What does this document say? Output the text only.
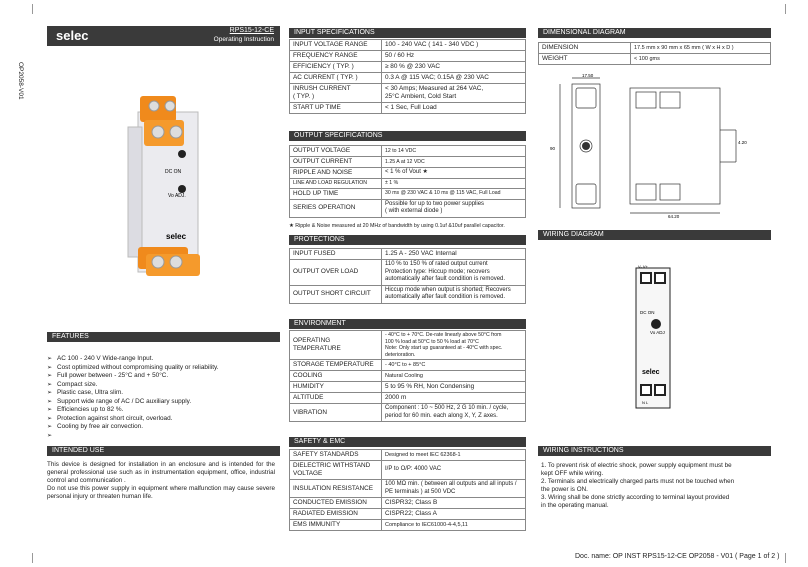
OP2058-V01
selec	RPS15-12-CE
Operating Instruction
DC ON
Vo ADJ.
selec
FEATURES
➢ AC 100 - 240 V Wide-range Input.
➢ Cost optimized without compromising quality or reliability.
➢ Full power between - 25°C and + 50°C.
➢ Compact size.
➢ Plastic case, Ultra slim.
➢ Support wide range of AC / DC auxiliary supply.
➢ Efficiencies up to 82 %.
➢ Protection against short circuit, overload.
➢ Cooling by free air convection.
➢
INTENDED USE
This device is designed for installation in an enclosure and is intended for the general professional use such as in instrumentation equipment, office, industrial control and communication .
Do not use this power supply in equipment where malfunction may cause severe personal injury or threaten human life.
INPUT SPECIFICATIONS
INPUT VOLTAGE RANGE	100 - 240 VAC ( 141 - 340 VDC )
FREQUENCY RANGE	50 / 60 Hz
EFFICIENCY ( TYP. )	≥ 80 % @ 230 VAC
AC CURRENT ( TYP. )	0.3 A @ 115 VAC; 0.15A @ 230 VAC
INRUSH CURRENT
( TYP. )	< 30 Amps; Measured at 264 VAC,
25°C Ambient, Cold Start
START UP TIME	< 1 Sec, Full Load
OUTPUT SPECIFICATIONS
OUTPUT VOLTAGE	12 to 14 VDC
OUTPUT CURRENT	1.25 A at 12 VDC
RIPPLE AND NOISE	< 1 % of Vout ★
LINE AND LOAD REGULATION	± 1 %
HOLD UP TIME	30 ms @ 230 VAC & 10 ms @ 115 VAC, Full Load
SERIES OPERATION	Possible for up to two power supplies
( with external diode )
★ Ripple & Noise measured at 20 MHz of bandwidth by using 0.1uf &10uf parallel capacitor.
PROTECTIONS
INPUT FUSED	1.25 A - 250 VAC Internal
OUTPUT OVER LOAD	110 % to 150 % of rated output current
Protection type: Hiccup mode; recovers
automatically after fault condition is removed.
OUTPUT SHORT CIRCUIT	Hiccup mode when output is shorted; Recovers
automatically after fault condition is removed.
ENVIRONMENT
OPERATING TEMPERATURE	- 40°C to + 70°C. De-rate linearly above 50°C from
100 % load at 50°C to 50 % load at 70°C
Note: Only start up guaranteed at - 40°C with spec.
deterioration.
STORAGE TEMPERATURE	- 40°C to + 85°C
COOLING	Natural Cooling
HUMIDITY	5 to 95 % RH, Non Condensing
ALTITUDE	2000 m
VIBRATION	Component : 10 ~ 500 Hz, 2 G 10 min. / cycle,
period for 60 min. each along X, Y, Z axes.
SAFETY & EMC
SAFETY STANDARDS	Designed to meet IEC 62368-1
DIELECTRIC WITHSTAND
VOLTAGE	I/P to O/P: 4000 VAC
INSULATION RESISTANCE	100 MΩ min. ( between all outputs and all inputs /
PE terminals ) at 500 VDC
CONDUCTED EMISSION	CISPR32; Class B
RADIATED EMISSION	CISPR22; Class A
EMS IMMUNITY	Compliance to IEC61000-4-4,5,11
DIMENSIONAL DIAGRAM
DIMENSION	17.5 mm x 90 mm x 65 mm ( W x H x D )
WEIGHT	< 100 gms
17.50
90
64.20
4.20
WIRING DIAGRAM
V- V+
DC ON
Vo ADJ
selec
N L
WIRING INSTRUCTIONS
1. To prevent risk of electric shock, power supply equipment must be
kept OFF while wiring.
2. Terminals and electrically charged parts must not be touched when
the power is ON.
3. Wiring shall be done strictly according to terminal layout provided
in the operating manual.
Doc. name: OP INST RPS15-12-CE OP2058 - V01 ( Page 1 of 2 )
